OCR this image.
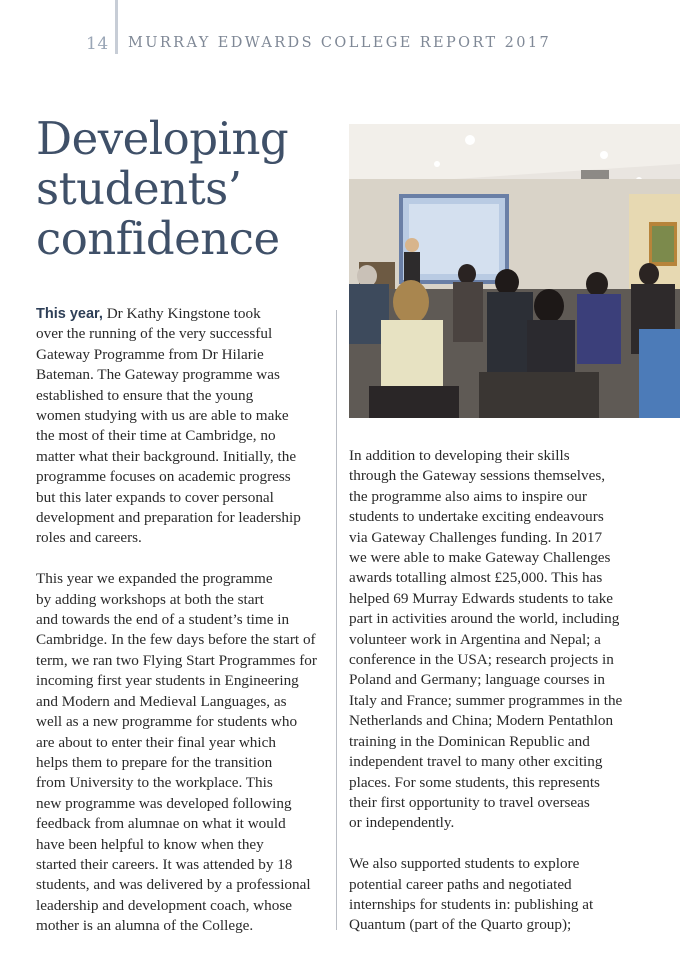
14 MURRAY EDWARDS COLLEGE REPORT 2017
Developing
students’
confidence
This year, Dr Kathy Kingstone took
over the running of the very successful
Gateway Programme from Dr Hilarie
Bateman. The Gateway programme was
established to ensure that the young
women studying with us are able to make
the most of their time at Cambridge, no
matter what their background. Initially, the
programme focuses on academic progress
but this later expands to cover personal
development and preparation for leadership
roles and careers.
This year we expanded the programme
by adding workshops at both the start
and towards the end of a student’s time in
Cambridge. In the few days before the start of
term, we ran two Flying Start Programmes for
incoming first year students in Engineering
and Modern and Medieval Languages, as
well as a new programme for students who
are about to enter their final year which
helps them to prepare for the transition
from University to the workplace. This
new programme was developed following
feedback from alumnae on what it would
have been helpful to know when they
started their careers. It was attended by 18
students, and was delivered by a professional
leadership and development coach, whose
mother is an alumna of the College.
In addition to developing their skills
through the Gateway sessions themselves,
the programme also aims to inspire our
students to undertake exciting endeavours
via Gateway Challenges funding. In 2017
we were able to make Gateway Challenges
awards totalling almost £25,000. This has
helped 69 Murray Edwards students to take
part in activities around the world, including
volunteer work in Argentina and Nepal; a
conference in the USA; research projects in
Poland and Germany; language courses in
Italy and France; summer programmes in the
Netherlands and China; Modern Pentathlon
training in the Dominican Republic and
independent travel to many other exciting
places. For some students, this represents
their first opportunity to travel overseas
or independently.
We also supported students to explore
potential career paths and negotiated
internships for students in: publishing at
Quantum (part of the Quarto group);
